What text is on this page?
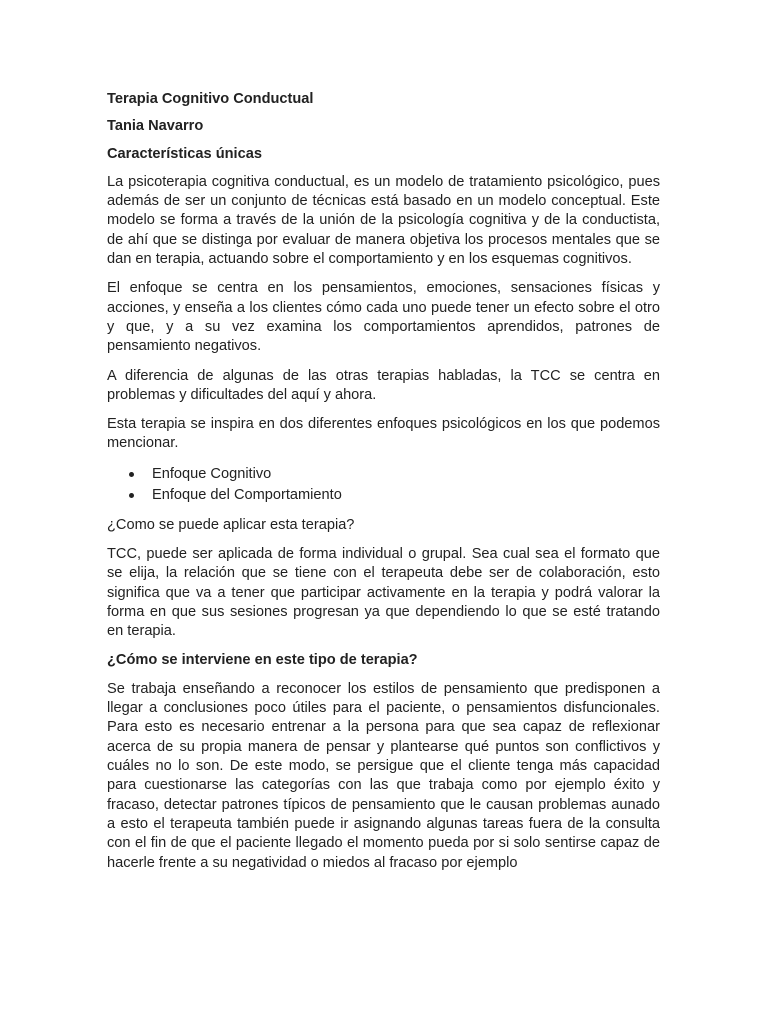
Terapia Cognitivo Conductual
Tania Navarro
Características únicas

La psicoterapia cognitiva conductual, es un modelo de tratamiento psicológico, pues además de ser un conjunto de técnicas está basado en un modelo conceptual. Este modelo se forma a través de la unión de la psicología cognitiva y de la conductista, de ahí que se distinga por evaluar de manera objetiva los procesos mentales que se dan en terapia, actuando sobre el comportamiento y en los esquemas cognitivos.

El enfoque se centra en los pensamientos, emociones, sensaciones físicas y acciones, y enseña a los clientes cómo cada uno puede tener un efecto sobre el otro y que, y a su vez examina los comportamientos aprendidos, patrones de pensamiento negativos.

A diferencia de algunas de las otras terapias habladas, la TCC se centra en problemas y dificultades del aquí y ahora.

Esta terapia se inspira en dos diferentes enfoques psicológicos en los que podemos mencionar.

Enfoque Cognitivo
Enfoque del Comportamiento

¿Como se puede aplicar esta terapia?

TCC, puede ser aplicada de forma individual o grupal. Sea cual sea el formato que se elija, la relación que se tiene con el terapeuta debe ser de colaboración, esto significa que va a tener que participar activamente en la terapia y podrá valorar la forma en que sus sesiones progresan ya que dependiendo lo que se esté tratando en terapia.

¿Cómo se interviene en este tipo de terapia?

Se trabaja enseñando a reconocer los estilos de pensamiento que predisponen a llegar a conclusiones poco útiles para el paciente, o pensamientos disfuncionales. Para esto es necesario entrenar a la persona para que sea capaz de reflexionar acerca de su propia manera de pensar y plantearse qué puntos son conflictivos y cuáles no lo son. De este modo, se persigue que el cliente tenga más capacidad para cuestionarse las categorías con las que trabaja como por ejemplo éxito y fracaso, detectar patrones típicos de pensamiento que le causan problemas aunado a esto el terapeuta también puede ir asignando algunas tareas fuera de la consulta con el fin de que el paciente llegado el momento pueda por si solo sentirse capaz de hacerle frente a su negatividad o miedos al fracaso por ejemplo
